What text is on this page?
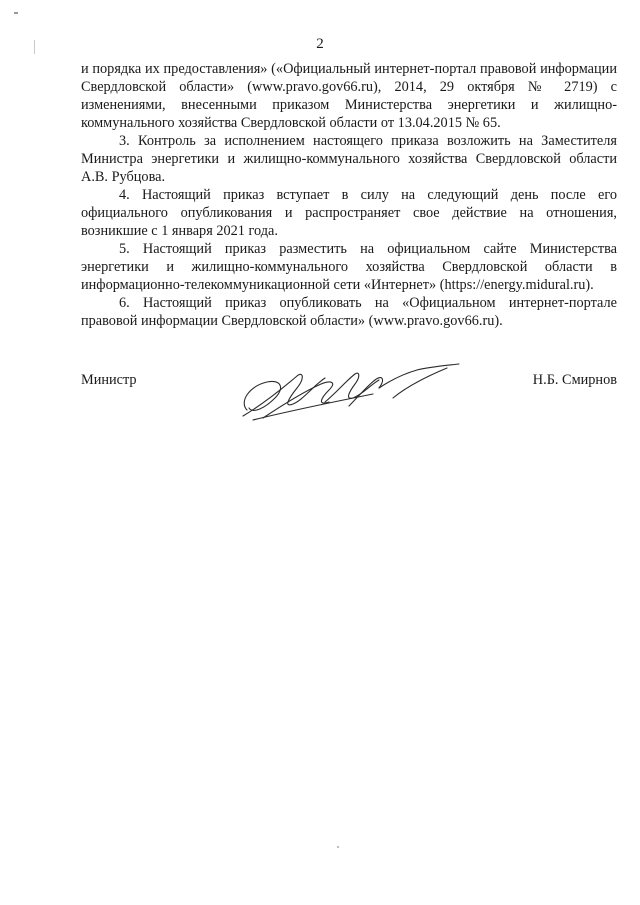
2

и порядка их предоставления» («Официальный интернет-портал правовой информации Свердловской области» (www.pravo.gov66.ru), 2014, 29 октября № 2719) с изменениями, внесенными приказом Министерства энергетики и жилищно-коммунального хозяйства Свердловской области от 13.04.2015 № 65.

3. Контроль за исполнением настоящего приказа возложить на Заместителя Министра энергетики и жилищно-коммунального хозяйства Свердловской области А.В. Рубцова.

4. Настоящий приказ вступает в силу на следующий день после его официального опубликования и распространяет свое действие на отношения, возникшие с 1 января 2021 года.

5. Настоящий приказ разместить на официальном сайте Министерства энергетики и жилищно-коммунального хозяйства Свердловской области в информационно-телекоммуникационной сети «Интернет» (https://energy.midural.ru).

6. Настоящий приказ опубликовать на «Официальном интернет-портале правовой информации Свердловской области» (www.pravo.gov66.ru).

Министр	Н.Б. Смирнов
